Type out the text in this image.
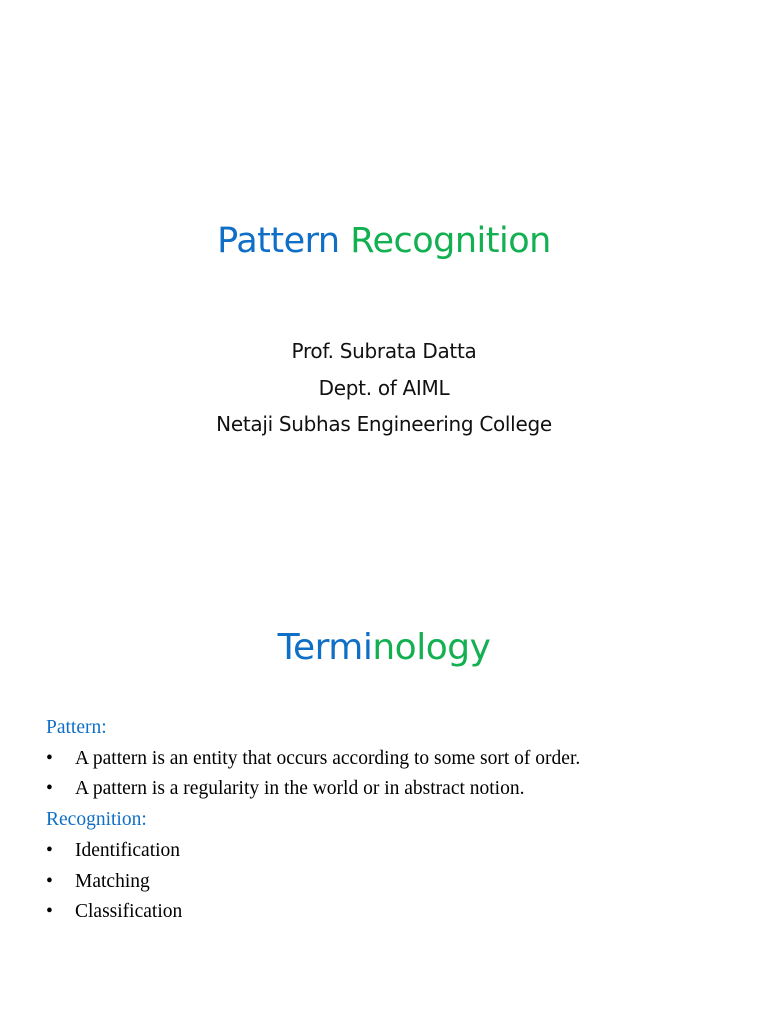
Pattern Recognition
Prof. Subrata Datta
Dept. of AIML
Netaji Subhas Engineering College
Terminology
Pattern:
•	A pattern is an entity that occurs according to some sort of order.
•	A pattern is a regularity in the world or in abstract notion.
Recognition:
•	Identification
•	Matching
•	Classification
